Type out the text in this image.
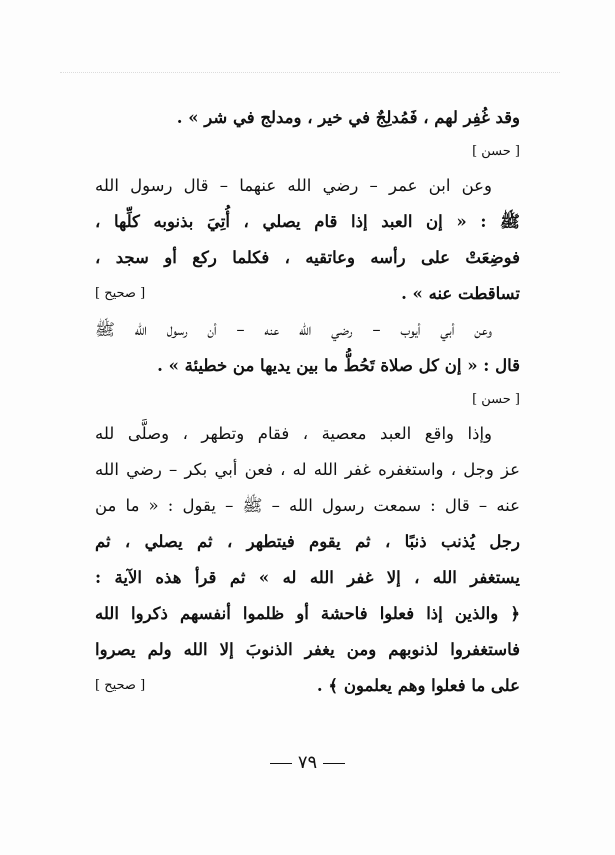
وقد غُفِر لهم ، فَمُدلِجٌ في خير ، ومدلج في شر » .
[ حسن ]
وعن ابن عمر – رضي الله عنهما – قال رسول الله
ﷺ : « إن العبد إذا قام يصلي ، أُتِيَ بذنوبه كلِّها ،
فوضِعَتْ على رأسه وعاتقيه ، فكلما ركع أو سجد ،
تساقطت عنه » .
[ صحيح ]
وعن أبي أيوب – رضي الله عنه – أن رسول الله ﷺ
قال : « إن كل صلاة تَحُطُّ ما بين يديها من خطيئة » .
[ حسن ]
وإذا واقع العبد معصية ، فقام وتطهر ، وصلَّى لله
عز وجل ، واستغفره غفر الله له ، فعن أبي بكر – رضي الله
عنه – قال : سمعت رسول الله – ﷺ – يقول : « ما من
رجل يُذنب ذنبًا ، ثم يقوم فيتطهر ، ثم يصلي ، ثم
يستغفر الله ، إلا غفر الله له » ثم قرأ هذه الآية :
﴿ والذين إذا فعلوا فاحشة أو ظلموا أنفسهم ذكروا الله
فاستغفروا لذنوبهم ومن يغفر الذنوبَ إلا الله ولم يصروا
على ما فعلوا وهم يعلمون ﴾ .
[ صحيح ]
٧٩
